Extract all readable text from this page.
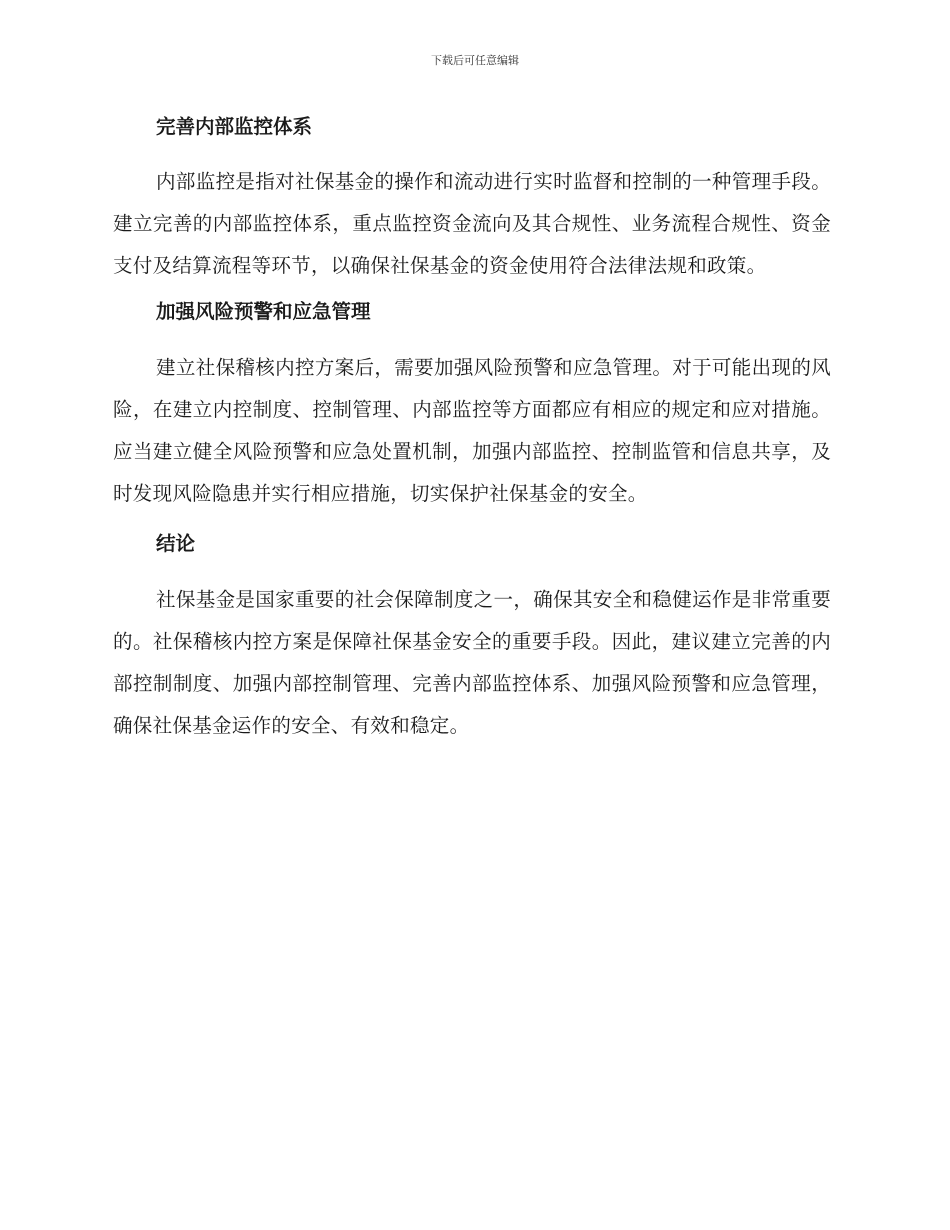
下载后可任意编辑
完善内部监控体系

内部监控是指对社保基金的操作和流动进行实时监督和控制的一种管理手段。建立完善的内部监控体系，重点监控资金流向及其合规性、业务流程合规性、资金支付及结算流程等环节，以确保社保基金的资金使用符合法律法规和政策。

加强风险预警和应急管理

建立社保稽核内控方案后，需要加强风险预警和应急管理。对于可能出现的风险，在建立内控制度、控制管理、内部监控等方面都应有相应的规定和应对措施。应当建立健全风险预警和应急处置机制，加强内部监控、控制监管和信息共享，及时发现风险隐患并实行相应措施，切实保护社保基金的安全。

结论

社保基金是国家重要的社会保障制度之一，确保其安全和稳健运作是非常重要的。社保稽核内控方案是保障社保基金安全的重要手段。因此，建议建立完善的内部控制制度、加强内部控制管理、完善内部监控体系、加强风险预警和应急管理，确保社保基金运作的安全、有效和稳定。
